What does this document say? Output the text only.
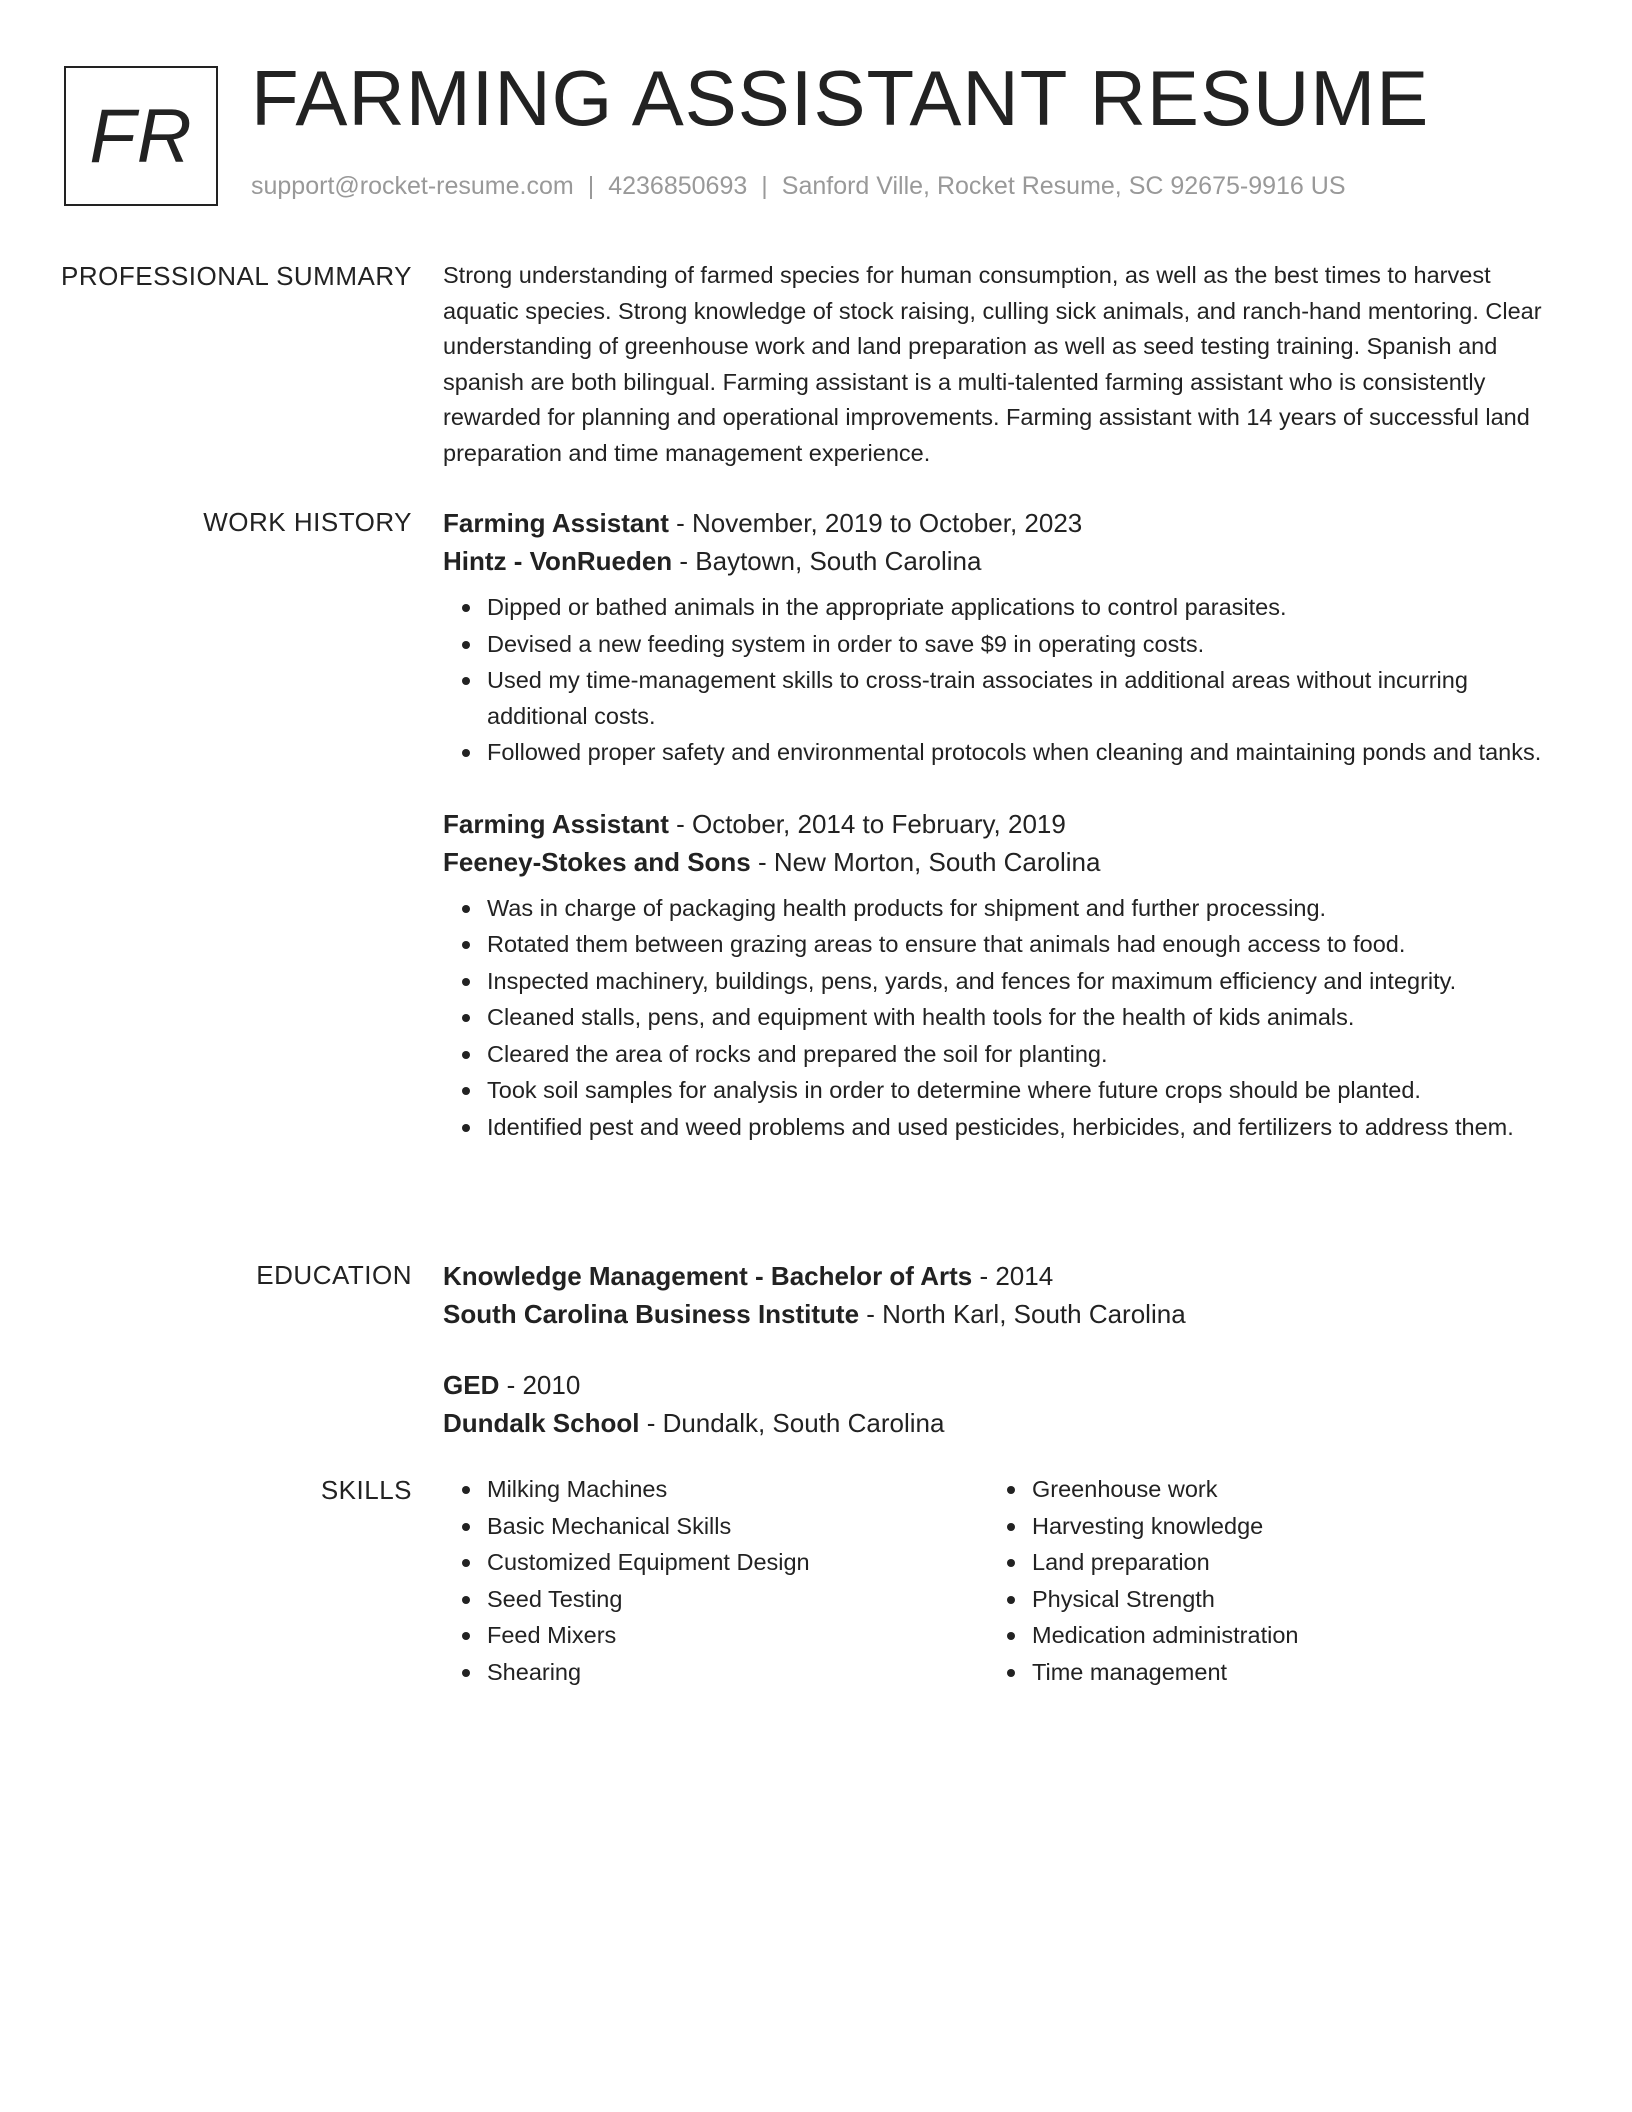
FR FARMING ASSISTANT RESUME
support@rocket-resume.com | 4236850693 | Sanford Ville, Rocket Resume, SC 92675-9916 US
PROFESSIONAL SUMMARY Strong understanding of farmed species for human consumption, as well as the best times to harvest aquatic species. Strong knowledge of stock raising, culling sick animals, and ranch-hand mentoring. Clear understanding of greenhouse work and land preparation as well as seed testing training. Spanish and spanish are both bilingual. Farming assistant is a multi-talented farming assistant who is consistently rewarded for planning and operational improvements. Farming assistant with 14 years of successful land preparation and time management experience.

WORK HISTORY Farming Assistant - November, 2019 to October, 2023
Hintz - VonRueden - Baytown, South Carolina
Dipped or bathed animals in the appropriate applications to control parasites.
Devised a new feeding system in order to save $9 in operating costs.
Used my time-management skills to cross-train associates in additional areas without incurring additional costs.
Followed proper safety and environmental protocols when cleaning and maintaining ponds and tanks.
Farming Assistant - October, 2014 to February, 2019
Feeney-Stokes and Sons - New Morton, South Carolina
Was in charge of packaging health products for shipment and further processing.
Rotated them between grazing areas to ensure that animals had enough access to food.
Inspected machinery, buildings, pens, yards, and fences for maximum efficiency and integrity.
Cleaned stalls, pens, and equipment with health tools for the health of kids animals.
Cleared the area of rocks and prepared the soil for planting.
Took soil samples for analysis in order to determine where future crops should be planted.
Identified pest and weed problems and used pesticides, herbicides, and fertilizers to address them.
EDUCATION Knowledge Management - Bachelor of Arts - 2014
South Carolina Business Institute - North Karl, South Carolina
GED - 2010
Dundalk School - Dundalk, South Carolina
SKILLS	Milking Machines
Basic Mechanical Skills
Customized Equipment Design
Seed Testing
Feed Mixers
Shearing
Greenhouse work
Harvesting knowledge
Land preparation
Physical Strength
Medication administration
Time management
